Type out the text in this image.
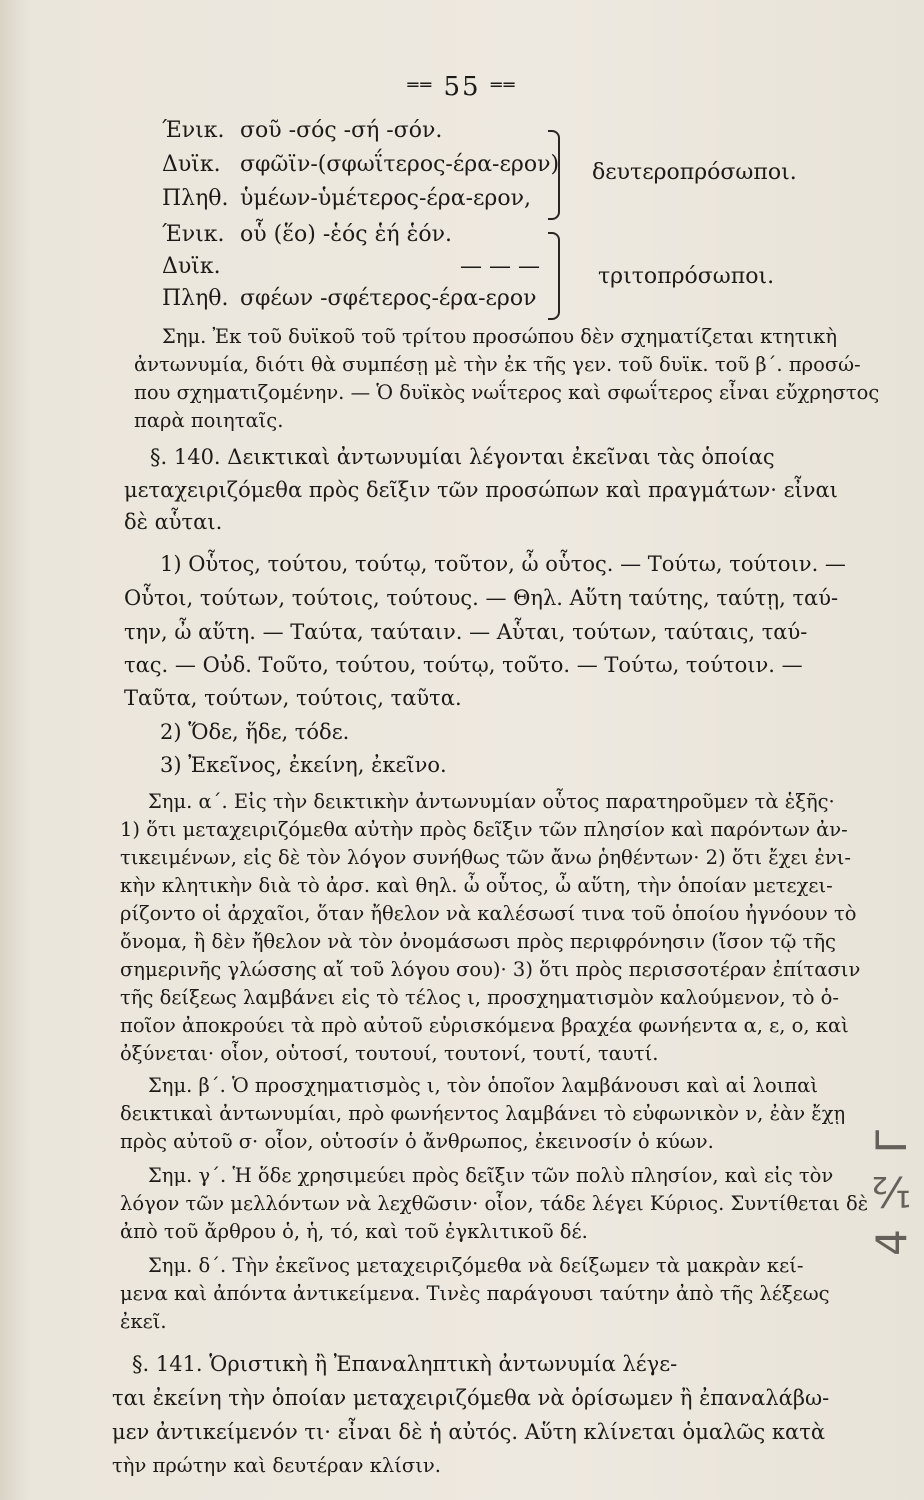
══ 55 ══
Ένικ. σοῦ -σός -σή -σόν.
Δυϊκ. σφῶϊν-(σφωΐτερος-έρα-ερον)
Πληθ. ὑμέων-ὑμέτερος-έρα-ερον,
δευτεροπρόσωποι.
Ένικ. οὗ (ἕο) -ἑός ἑή ἑόν.
Δυϊκ.	— — —
Πληθ. σφέων -σφέτερος-έρα-ερον
τριτοπρόσωποι.
Σημ. Ἐκ τοῦ δυϊκοῦ τοῦ τρίτου προσώπου δὲν σχηματίζεται κτητικὴ
ἀντωνυμία, διότι θὰ συμπέσῃ μὲ τὴν ἐκ τῆς γεν. τοῦ δυϊκ. τοῦ β΄. προσώ-
που σχηματιζομένην. — Ὁ δυϊκὸς νωΐτερος καὶ σφωΐτερος εἶναι εὔχρηστος
παρὰ ποιηταῖς.
§. 140. Δεικτικαὶ ἀντωνυμίαι λέγονται ἐκεῖναι τὰς ὁποίας
μεταχειριζόμεθα πρὸς δεῖξιν τῶν προσώπων καὶ πραγμάτων· εἶναι
δὲ αὗται.
1) Οὗτος, τούτου, τούτῳ, τοῦτον, ὦ οὗτος. — Τούτω, τούτοιν. —
Οὗτοι, τούτων, τούτοις, τούτους. — Θηλ. Αὕτη ταύτης, ταύτῃ, ταύ-
την, ὦ αὕτη. — Ταύτα, ταύταιν. — Αὗται, τούτων, ταύταις, ταύ-
τας. — Οὐδ. Τοῦτο, τούτου, τούτῳ, τοῦτο. — Τούτω, τούτοιν. —
Ταῦτα, τούτων, τούτοις, ταῦτα.
2) Ὅδε, ἥδε, τόδε.
3) Ἐκεῖνος, ἐκείνη, ἐκεῖνο.
Σημ. α΄. Εἰς τὴν δεικτικὴν ἀντωνυμίαν οὗτος παρατηροῦμεν τὰ ἑξῆς·
1) ὅτι μεταχειριζόμεθα αὐτὴν πρὸς δεῖξιν τῶν πλησίον καὶ παρόντων ἀν-
τικειμένων, εἰς δὲ τὸν λόγον συνήθως τῶν ἄνω ῥηθέντων· 2) ὅτι ἔχει ἐνι-
κὴν κλητικὴν διὰ τὸ ἀρσ. καὶ θηλ. ὦ οὗτος, ὦ αὕτη, τὴν ὁποίαν μετεχει-
ρίζοντο οἱ ἀρχαῖοι, ὅταν ἤθελον νὰ καλέσωσί τινα τοῦ ὁποίου ἠγνόουν τὸ
ὄνομα, ἢ δὲν ἤθελον νὰ τὸν ὀνομάσωσι πρὸς περιφρόνησιν (ἴσον τῷ τῆς
σημερινῆς γλώσσης αἴ τοῦ λόγου σου)· 3) ὅτι πρὸς περισσοτέραν ἐπίτασιν
τῆς δείξεως λαμβάνει εἰς τὸ τέλος ι, προσχηματισμὸν καλούμενον, τὸ ὁ-
ποῖον ἀποκρούει τὰ πρὸ αὐτοῦ εὑρισκόμενα βραχέα φωνήεντα α, ε, ο, καὶ
ὀξύνεται· οἷον, οὑτοσί, τουτουί, τουτονί, τουτί, ταυτί.
Σημ. β΄. Ὁ προσχηματισμὸς ι, τὸν ὁποῖον λαμβάνουσι καὶ αἱ λοιπαὶ
δεικτικαὶ ἀντωνυμίαι, πρὸ φωνήεντος λαμβάνει τὸ εὐφωνικὸν ν, ἐὰν ἔχῃ
πρὸς αὐτοῦ σ· οἷον, οὑτοσίν ὁ ἄνθρωπος, ἐκεινοσίν ὁ κύων.
Σημ. γ΄. Ἡ ὅδε χρησιμεύει πρὸς δεῖξιν τῶν πολὺ πλησίον, καὶ εἰς τὸν
λόγον τῶν μελλόντων νὰ λεχθῶσιν· οἷον, τάδε λέγει Κύριος. Συντίθεται δὲ
ἀπὸ τοῦ ἄρθρου ὁ, ἡ, τό, καὶ τοῦ ἐγκλιτικοῦ δέ.
Σημ. δ΄. Τὴν ἐκεῖνος μεταχειριζόμεθα νὰ δείξωμεν τὰ μακρὰν κεί-
μενα καὶ ἀπόντα ἀντικείμενα. Τινὲς παράγουσι ταύτην ἀπὸ τῆς λέξεως
ἐκεῖ.
§. 141. Ὁριστικὴ ἢ Ἐπαναληπτικὴ ἀντωνυμία λέγε-
ται ἐκείνη τὴν ὁποίαν μεταχειριζόμεθα νὰ ὁρίσωμεν ἢ ἐπαναλάβω-
μεν ἀντικείμενόν τι· εἶναι δὲ ἡ αὐτός. Αὕτη κλίνεται ὁμαλῶς κατὰ
τὴν πρώτην καὶ δευτέραν κλίσιν.
4 ½ Γ
